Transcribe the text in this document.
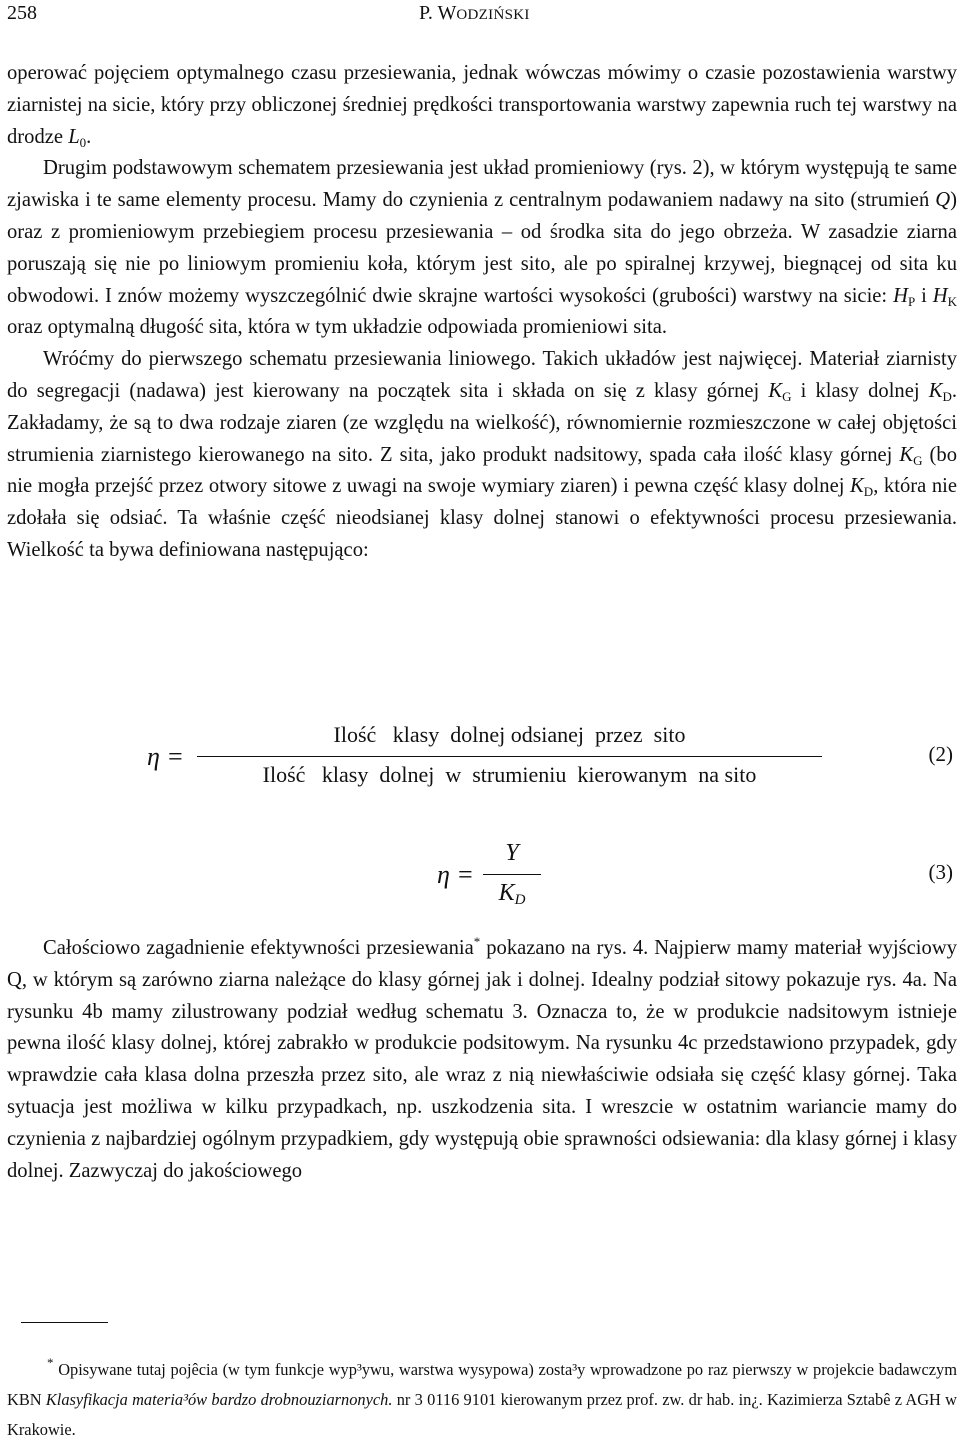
258	P. WODZIŃSKI

operować pojęciem optymalnego czasu przesiewania, jednak wówczas mówimy o czasie pozostawienia warstwy ziarnistej na sicie, który przy obliczonej średniej prędkości transportowania warstwy zapewnia ruch tej warstwy na drodze $L_0$.
Drugim podstawowym schematem przesiewania jest układ promieniowy (rys. 2), w którym występują te same zjawiska i te same elementy procesu. Mamy do czynienia z centralnym podawaniem nadawy na sito (strumień Q) oraz z promieniowym przebiegiem procesu przesiewania – od środka sita do jego obrzeża. W zasadzie ziarna poruszają się nie po liniowym promieniu koła, którym jest sito, ale po spiralnej krzywej, biegnącej od sita ku obwodowi. I znów możemy wyszczególnić dwie skrajne wartości wysokości (grubości) warstwy na sicie: $H_P$ i $H_K$ oraz optymalną długość sita, która w tym układzie odpowiada promieniowi sita.
Wróćmy do pierwszego schematu przesiewania liniowego. Takich układów jest najwięcej. Materiał ziarnisty do segregacji (nadawa) jest kierowany na początek sita i składa on się z klasy górnej $K_G$ i klasy dolnej $K_D$. Zakładamy, że są to dwa rodzaje ziaren (ze względu na wielkość), równomiernie rozmieszczone w całej objętości strumienia ziarnistego kierowanego na sito. Z sita, jako produkt nadsitowy, spada cała ilość klasy górnej $K_G$ (bo nie mogła przejść przez otwory sitowe z uwagi na swoje wymiary ziaren) i pewna część klasy dolnej $K_D$, która nie zdołała się odsiać. Ta właśnie część nieodsianej klasy dolnej stanowi o efektywności procesu przesiewania. Wielkość ta bywa definiowana następująco:

η =
Ilość   klasy  dolnej odsianej  przez  sito
Ilość   klasy  dolnej  w  strumieniu  kierowanym  na sito
(2)
η =
Y
$K_D$
(3)

Całościowo zagadnienie efektywności przesiewania* pokazano na rys. 4. Najpierw mamy materiał wyjściowy Q, w którym są zarówno ziarna należące do klasy górnej jak i dolnej. Idealny podział sitowy pokazuje rys. 4a. Na rysunku 4b mamy zilustrowany podział według schematu 3. Oznacza to, że w produkcie nadsitowym istnieje pewna ilość klasy dolnej, której zabrakło w produkcie podsitowym. Na rysunku 4c przedstawiono przypadek, gdy wprawdzie cała klasa dolna przeszła przez sito, ale wraz z nią niewłaściwie odsiała się część klasy górnej. Taka sytuacja jest możliwa w kilku przypadkach, np. uszkodzenia sita. I wreszcie w ostatnim wariancie mamy do czynienia z najbardziej ogólnym przypadkiem, gdy występują obie sprawności odsiewania: dla klasy górnej i klasy dolnej. Zazwyczaj do jakościowego

* Opisywane tutaj pojêcia (w tym funkcje wyp³ywu, warstwa wysypowa) zosta³y wprowadzone po raz pierwszy w projekcie badawczym KBN Klasyfikacja materia³ów bardzo drobnouziarnonych. nr 3 0116 9101 kierowanym przez prof. zw. dr hab. in¿. Kazimierza Sztabê z AGH w Krakowie.
